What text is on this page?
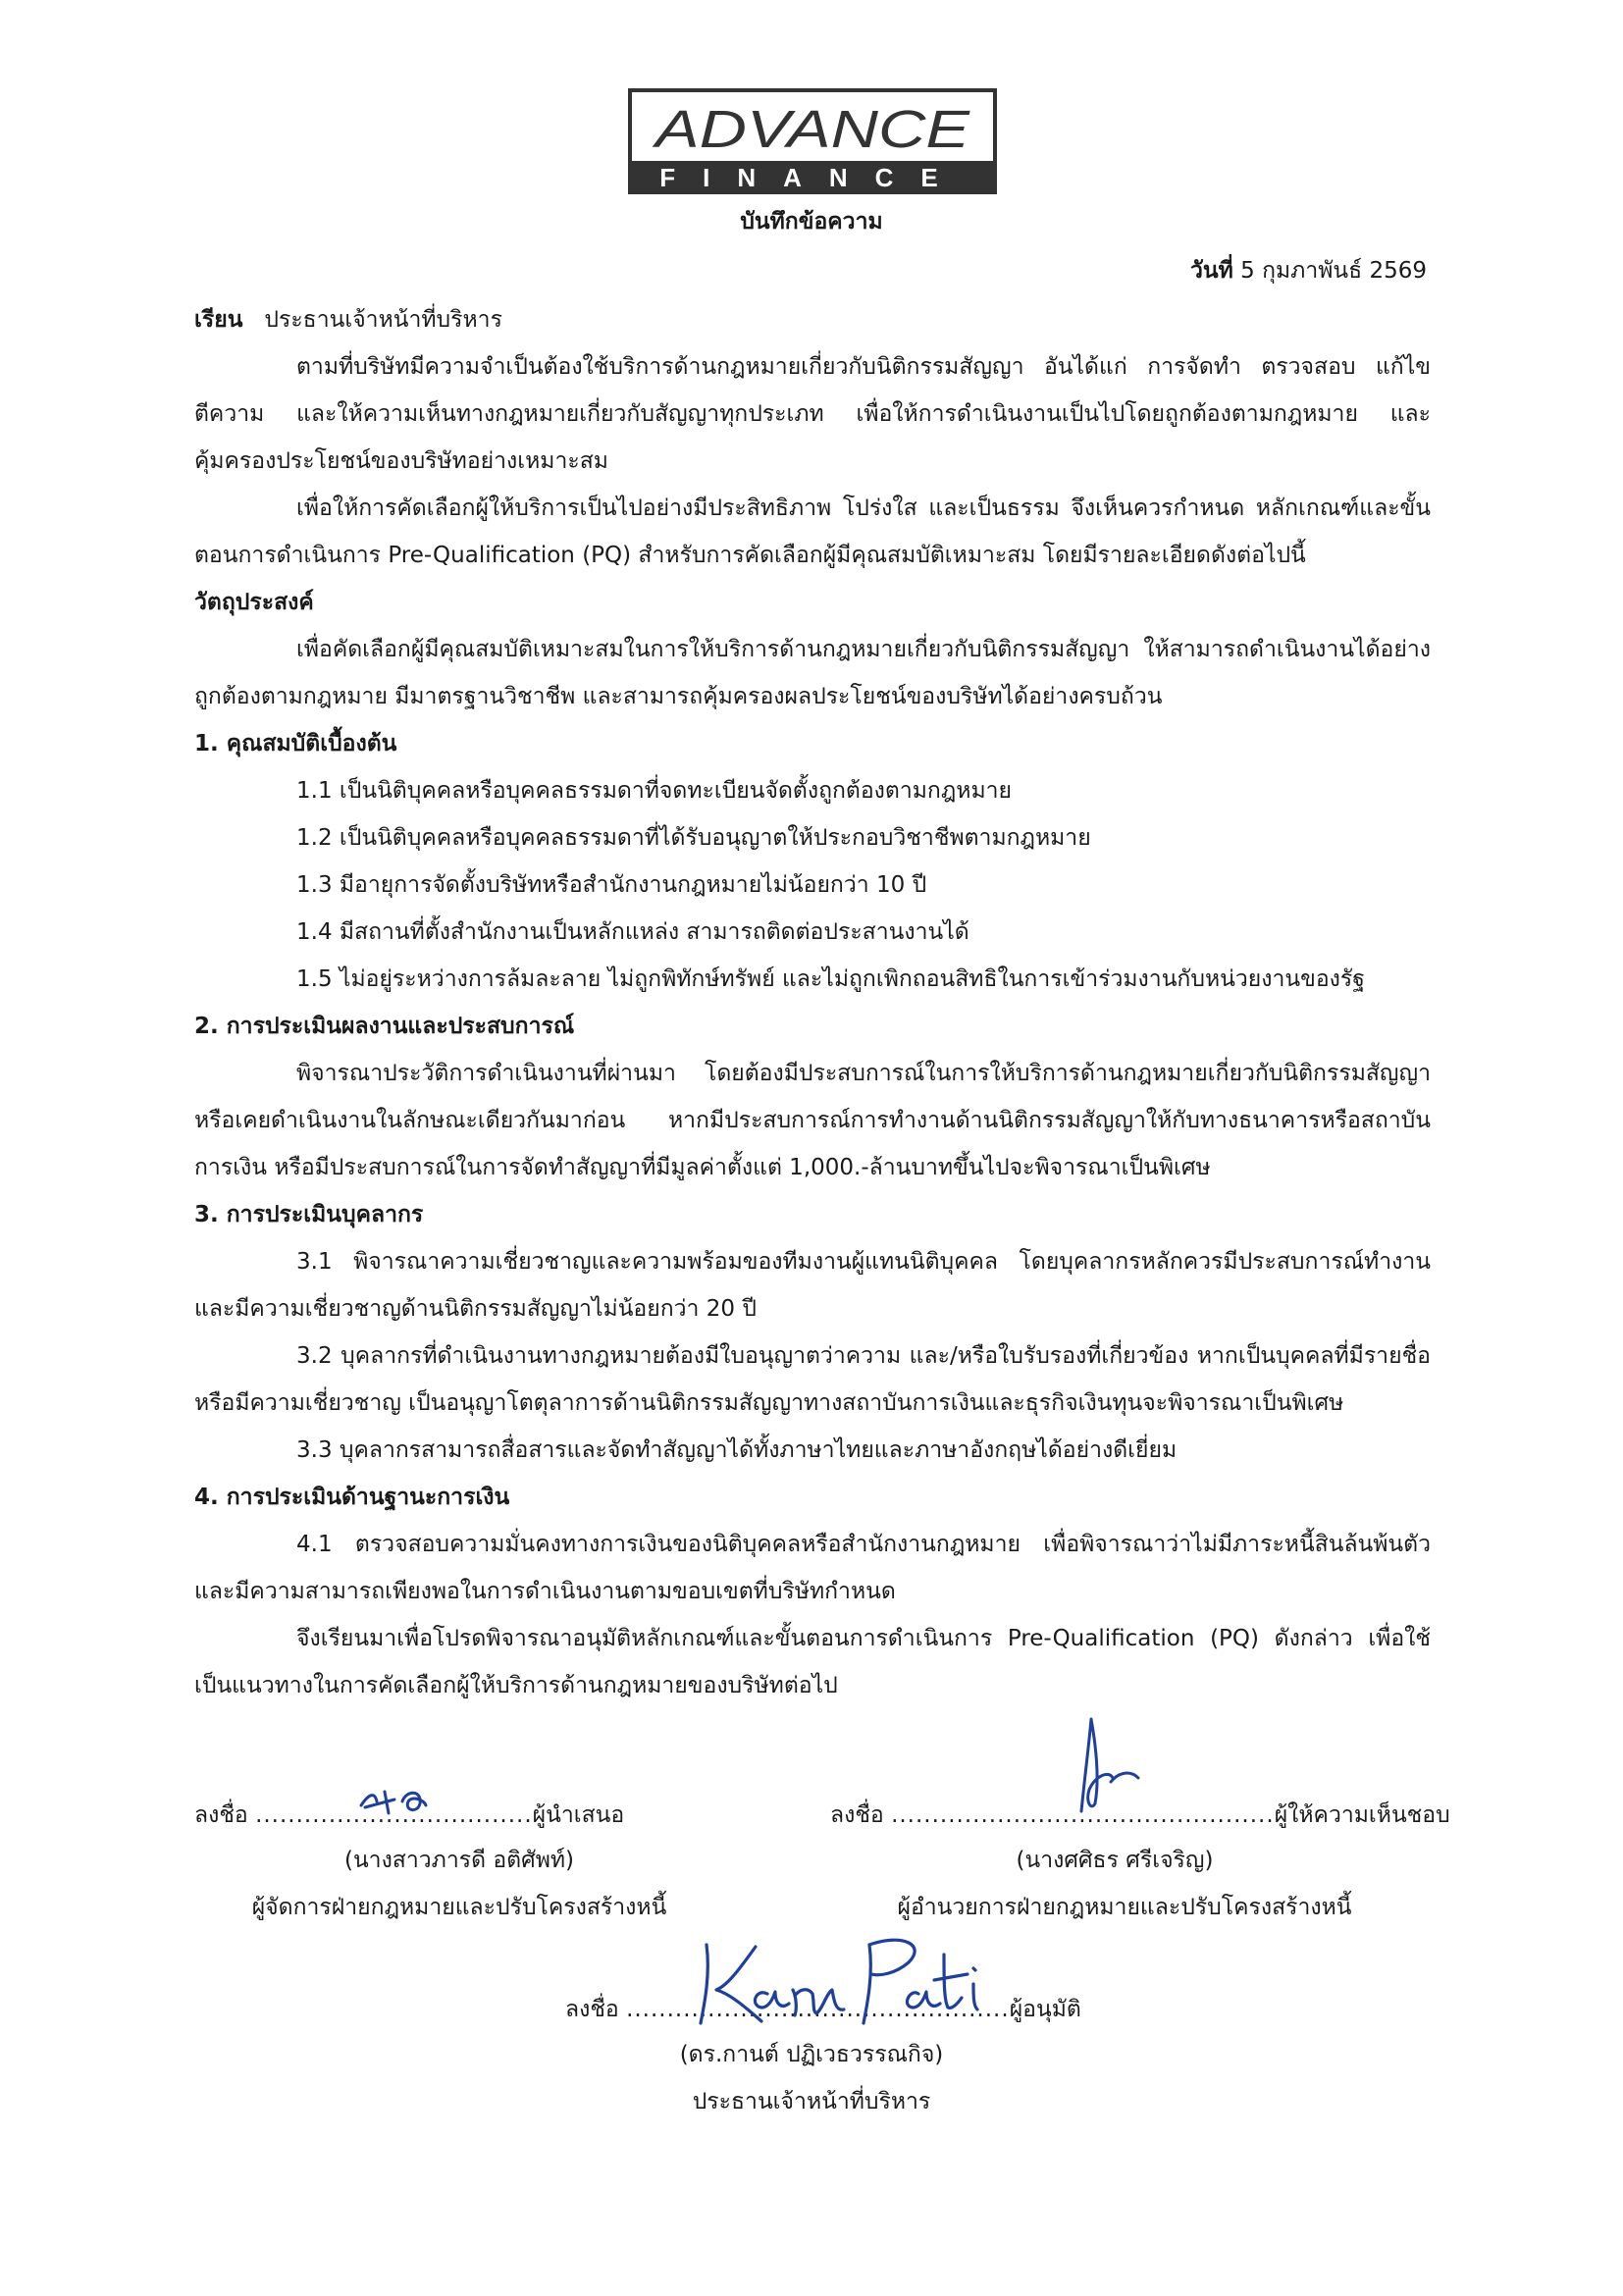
ADVANCE
FINANCE
บันทึกข้อความ
วันที่ 5 กุมภาพันธ์ 2569

เรียน ประธานเจ้าหน้าที่บริหาร

ตามที่บริษัทมีความจำเป็นต้องใช้บริการด้านกฎหมายเกี่ยวกับนิติกรรมสัญญา อันได้แก่ การจัดทำ ตรวจสอบ แก้ไข ตีความ และให้ความเห็นทางกฎหมายเกี่ยวกับสัญญาทุกประเภท เพื่อให้การดำเนินงานเป็นไปโดยถูกต้องตามกฎหมาย และคุ้มครองประโยชน์ของบริษัทอย่างเหมาะสม

เพื่อให้การคัดเลือกผู้ให้บริการเป็นไปอย่างมีประสิทธิภาพ โปร่งใส และเป็นธรรม จึงเห็นควรกำหนด หลักเกณฑ์และขั้นตอนการดำเนินการ Pre-Qualification (PQ) สำหรับการคัดเลือกผู้มีคุณสมบัติเหมาะสม โดยมีรายละเอียดดังต่อไปนี้

วัตถุประสงค์

เพื่อคัดเลือกผู้มีคุณสมบัติเหมาะสมในการให้บริการด้านกฎหมายเกี่ยวกับนิติกรรมสัญญา ให้สามารถดำเนินงานได้อย่างถูกต้องตามกฎหมาย มีมาตรฐานวิชาชีพ และสามารถคุ้มครองผลประโยชน์ของบริษัทได้อย่างครบถ้วน

1. คุณสมบัติเบื้องต้น

1.1 เป็นนิติบุคคลหรือบุคคลธรรมดาที่จดทะเบียนจัดตั้งถูกต้องตามกฎหมาย

1.2 เป็นนิติบุคคลหรือบุคคลธรรมดาที่ได้รับอนุญาตให้ประกอบวิชาชีพตามกฎหมาย

1.3 มีอายุการจัดตั้งบริษัทหรือสำนักงานกฎหมายไม่น้อยกว่า 10 ปี

1.4 มีสถานที่ตั้งสำนักงานเป็นหลักแหล่ง สามารถติดต่อประสานงานได้

1.5 ไม่อยู่ระหว่างการล้มละลาย ไม่ถูกพิทักษ์ทรัพย์ และไม่ถูกเพิกถอนสิทธิในการเข้าร่วมงานกับหน่วยงานของรัฐ

2. การประเมินผลงานและประสบการณ์

พิจารณาประวัติการดำเนินงานที่ผ่านมา โดยต้องมีประสบการณ์ในการให้บริการด้านกฎหมายเกี่ยวกับนิติกรรมสัญญา หรือเคยดำเนินงานในลักษณะเดียวกันมาก่อน หากมีประสบการณ์การทำงานด้านนิติกรรมสัญญาให้กับทางธนาคารหรือสถาบันการเงิน หรือมีประสบการณ์ในการจัดทำสัญญาที่มีมูลค่าตั้งแต่ 1,000.-ล้านบาทขึ้นไปจะพิจารณาเป็นพิเศษ

3. การประเมินบุคลากร

3.1 พิจารณาความเชี่ยวชาญและความพร้อมของทีมงานผู้แทนนิติบุคคล โดยบุคลากรหลักควรมีประสบการณ์ทำงานและมีความเชี่ยวชาญด้านนิติกรรมสัญญาไม่น้อยกว่า 20 ปี

3.2 บุคลากรที่ดำเนินงานทางกฎหมายต้องมีใบอนุญาตว่าความ และ/หรือใบรับรองที่เกี่ยวข้อง หากเป็นบุคคลที่มีรายชื่อหรือมีความเชี่ยวชาญ เป็นอนุญาโตตุลาการด้านนิติกรรมสัญญาทางสถาบันการเงินและธุรกิจเงินทุนจะพิจารณาเป็นพิเศษ

3.3 บุคลากรสามารถสื่อสารและจัดทำสัญญาได้ทั้งภาษาไทยและภาษาอังกฤษได้อย่างดีเยี่ยม

4. การประเมินด้านฐานะการเงิน

4.1 ตรวจสอบความมั่นคงทางการเงินของนิติบุคคลหรือสำนักงานกฎหมาย เพื่อพิจารณาว่าไม่มีภาระหนี้สินล้นพ้นตัว และมีความสามารถเพียงพอในการดำเนินงานตามขอบเขตที่บริษัทกำหนด

จึงเรียนมาเพื่อโปรดพิจารณาอนุมัติหลักเกณฑ์และขั้นตอนการดำเนินการ Pre-Qualification (PQ) ดังกล่าว เพื่อใช้เป็นแนวทางในการคัดเลือกผู้ให้บริการด้านกฎหมายของบริษัทต่อไป

ลงชื่อ ..................................ผู้นำเสนอ
(นางสาวภารดี อติศัพท์)
ผู้จัดการฝ่ายกฎหมายและปรับโครงสร้างหนี้
ลงชื่อ ...............................................ผู้ให้ความเห็นชอบ
(นางศศิธร ศรีเจริญ)
ผู้อำนวยการฝ่ายกฎหมายและปรับโครงสร้างหนี้
ลงชื่อ ...............................................ผู้อนุมัติ
(ดร.กานต์ ปฏิเวธวรรณกิจ)
ประธานเจ้าหน้าที่บริหาร
